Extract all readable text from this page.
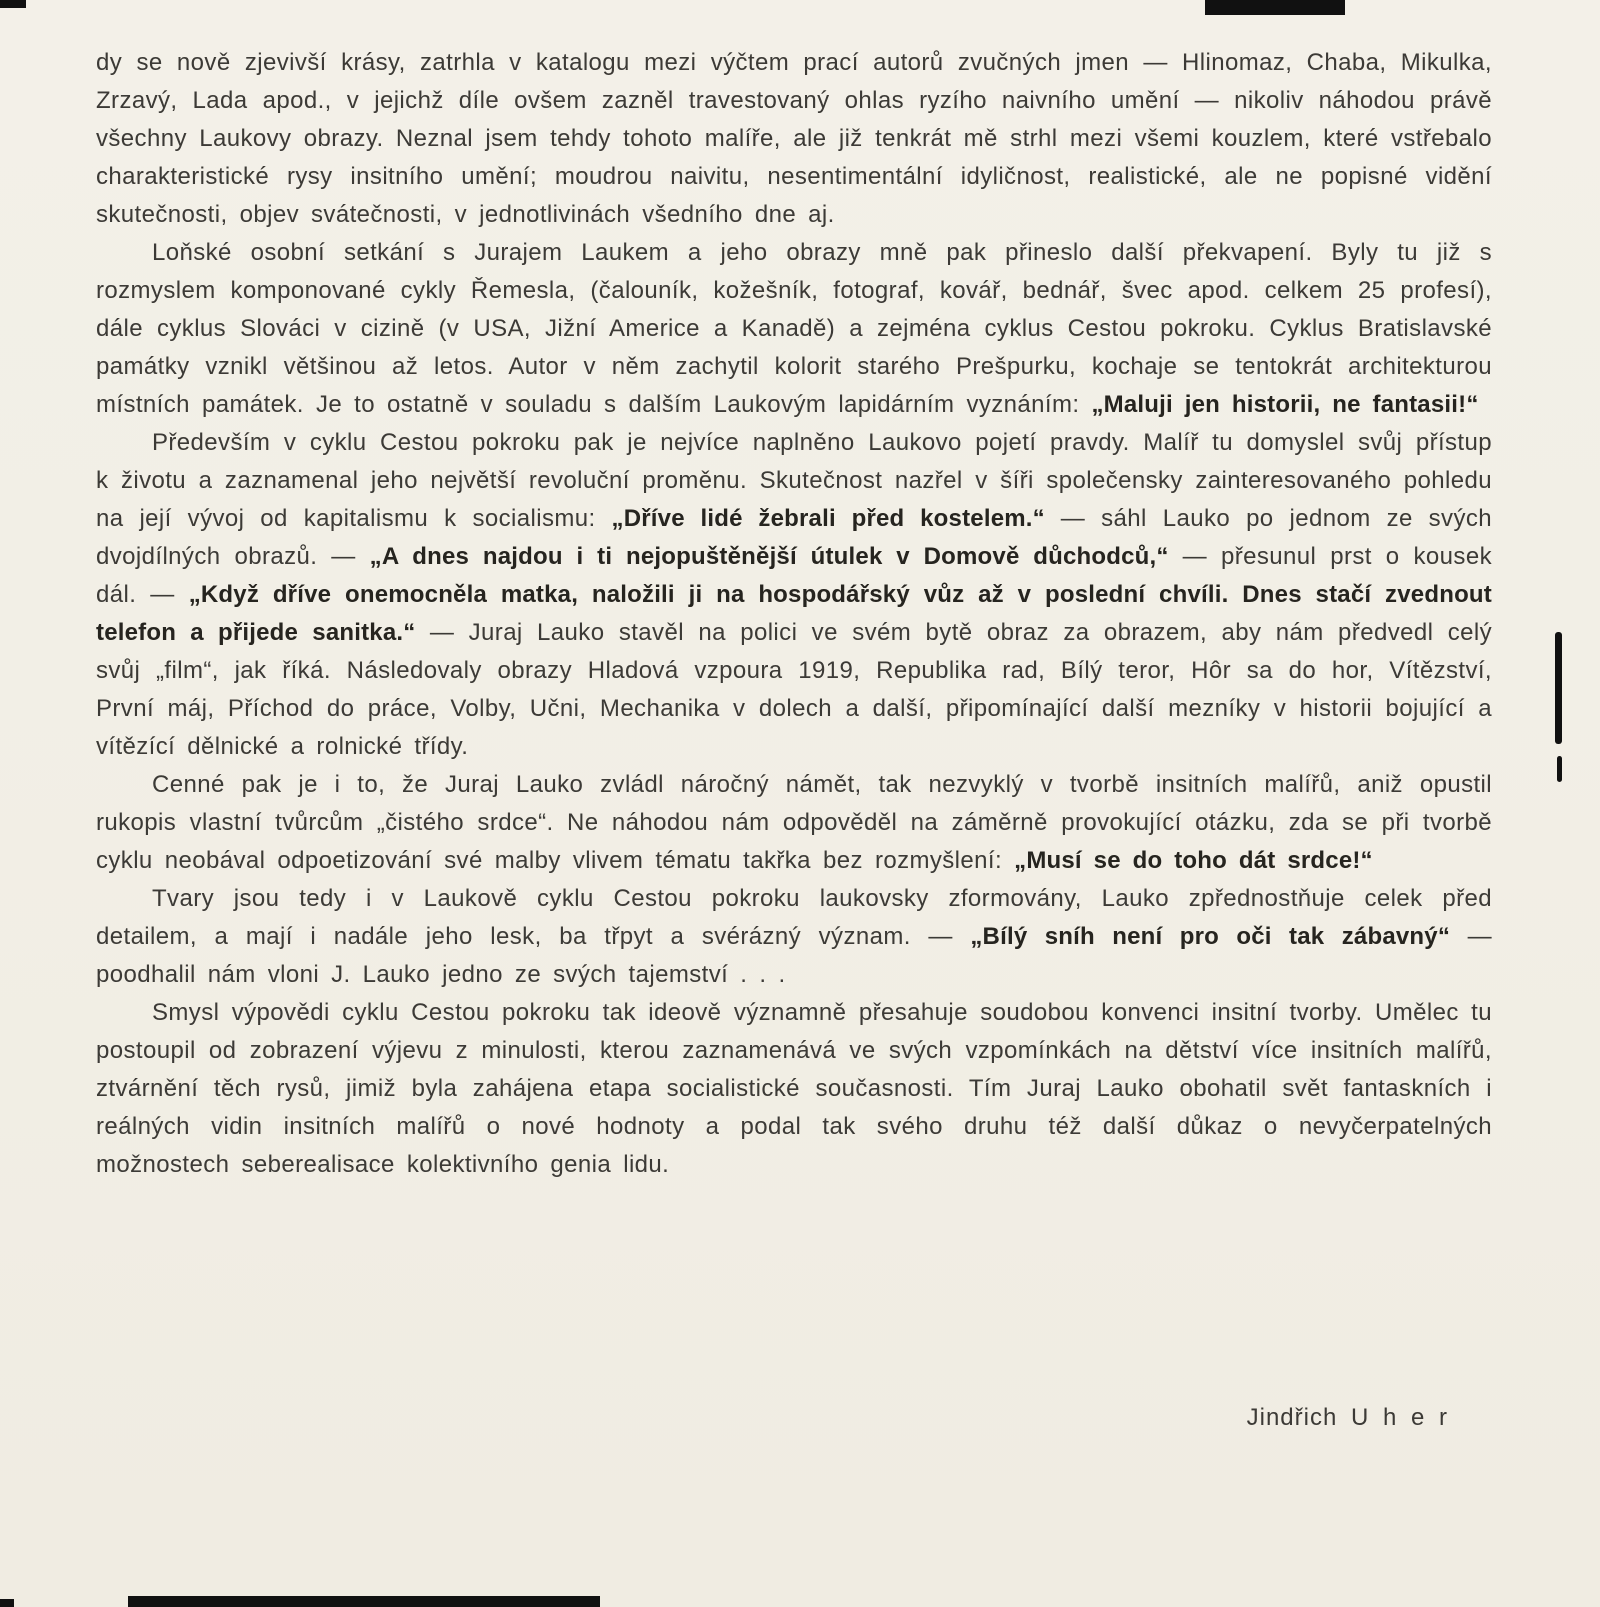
dy se nově zjevivší krásy, zatrhla v katalogu mezi výčtem prací autorů zvučných jmen — Hlinomaz, Chaba, Mikulka, Zrzavý, Lada apod., v jejichž díle ovšem zazněl travestovaný ohlas ryzího naivního umění — nikoliv náhodou právě všechny Laukovy obrazy. Neznal jsem tehdy tohoto malíře, ale již tenkrát mě strhl mezi všemi kouzlem, které vstřebalo charakteristické rysy insitního umění; moudrou naivitu, nesentimentální idyličnost, realistické, ale ne popisné vidění skutečnosti, objev svátečnosti, v jednotlivinách všedního dne aj.

Loňské osobní setkání s Jurajem Laukem a jeho obrazy mně pak přineslo další překvapení. Byly tu již s rozmyslem komponované cykly Řemesla, (čalouník, kožešník, fotograf, kovář, bednář, švec apod. celkem 25 profesí), dále cyklus Slováci v cizině (v USA, Jižní Americe a Kanadě) a zejména cyklus Cestou pokroku. Cyklus Bratislavské památky vznikl většinou až letos. Autor v něm zachytil kolorit starého Prešpurku, kochaje se tentokrát architekturou místních památek. Je to ostatně v souladu s dalším Laukovým lapidárním vyznáním: „Maluji jen historii, ne fantasii!“

Především v cyklu Cestou pokroku pak je nejvíce naplněno Laukovo pojetí pravdy. Malíř tu domyslel svůj přístup k životu a zaznamenal jeho největší revoluční proměnu. Skutečnost nazřel v šíři společensky zainteresovaného pohledu na její vývoj od kapitalismu k socialismu: „Dříve lidé žebrali před kostelem.“ — sáhl Lauko po jednom ze svých dvojdílných obrazů. — „A dnes najdou i ti nejopuštěnější útulek v Domově důchodců,“ — přesunul prst o kousek dál. — „Když dříve onemocněla matka, naložili ji na hospodářský vůz až v poslední chvíli. Dnes stačí zvednout telefon a přijede sanitka.“ — Juraj Lauko stavěl na polici ve svém bytě obraz za obrazem, aby nám předvedl celý svůj „film“, jak říká. Následovaly obrazy Hladová vzpoura 1919, Republika rad, Bílý teror, Hôr sa do hor, Vítězství, První máj, Příchod do práce, Volby, Učni, Mechanika v dolech a další, připomínající další mezníky v historii bojující a vítězící dělnické a rolnické třídy.

Cenné pak je i to, že Juraj Lauko zvládl náročný námět, tak nezvyklý v tvorbě insitních malířů, aniž opustil rukopis vlastní tvůrcům „čistého srdce“. Ne náhodou nám odpověděl na záměrně provokující otázku, zda se při tvorbě cyklu neobával odpoetizování své malby vlivem tématu takřka bez rozmyšlení: „Musí se do toho dát srdce!“

Tvary jsou tedy i v Laukově cyklu Cestou pokroku laukovsky zformovány, Lauko zpřednostňuje celek před detailem, a mají i nadále jeho lesk, ba třpyt a svérázný význam. — „Bílý sníh není pro oči tak zábavný“ — poodhalil nám vloni J. Lauko jedno ze svých tajemství . . .

Smysl výpovědi cyklu Cestou pokroku tak ideově významně přesahuje soudobou konvenci insitní tvorby. Umělec tu postoupil od zobrazení výjevu z minulosti, kterou zaznamenává ve svých vzpomínkách na dětství více insitních malířů, ztvárnění těch rysů, jimiž byla zahájena etapa socialistické současnosti. Tím Juraj Lauko obohatil svět fantaskních i reálných vidin insitních malířů o nové hodnoty a podal tak svého druhu též další důkaz o nevyčerpatelných možnostech seberealisace kolektivního genia lidu.

Jindřich U h e r
